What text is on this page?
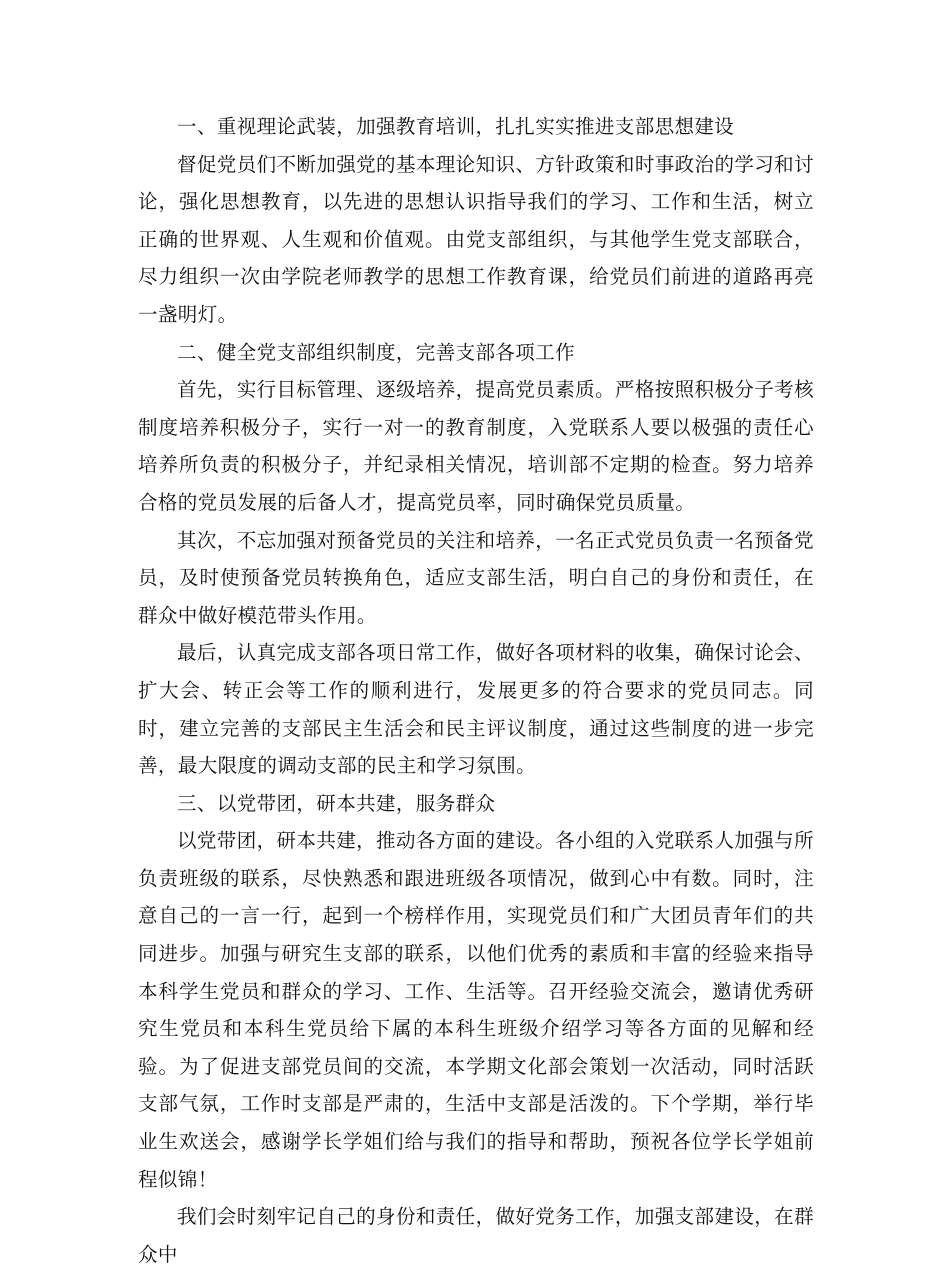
一、重视理论武装，加强教育培训，扎扎实实推进支部思想建设

督促党员们不断加强党的基本理论知识、方针政策和时事政治的学习和讨论，强化思想教育，以先进的思想认识指导我们的学习、工作和生活，树立正确的世界观、人生观和价值观。由党支部组织，与其他学生党支部联合，尽力组织一次由学院老师教学的思想工作教育课，给党员们前进的道路再亮一盏明灯。

二、健全党支部组织制度，完善支部各项工作

首先，实行目标管理、逐级培养，提高党员素质。严格按照积极分子考核制度培养积极分子，实行一对一的教育制度，入党联系人要以极强的责任心培养所负责的积极分子，并纪录相关情况，培训部不定期的检查。努力培养合格的党员发展的后备人才，提高党员率，同时确保党员质量。

其次，不忘加强对预备党员的关注和培养，一名正式党员负责一名预备党员，及时使预备党员转换角色，适应支部生活，明白自己的身份和责任，在群众中做好模范带头作用。

最后，认真完成支部各项日常工作，做好各项材料的收集，确保讨论会、扩大会、转正会等工作的顺利进行，发展更多的符合要求的党员同志。同时，建立完善的支部民主生活会和民主评议制度，通过这些制度的进一步完善，最大限度的调动支部的民主和学习氛围。

三、以党带团，研本共建，服务群众

以党带团，研本共建，推动各方面的建设。各小组的入党联系人加强与所负责班级的联系，尽快熟悉和跟进班级各项情况，做到心中有数。同时，注意自己的一言一行，起到一个榜样作用，实现党员们和广大团员青年们的共同进步。加强与研究生支部的联系，以他们优秀的素质和丰富的经验来指导本科学生党员和群众的学习、工作、生活等。召开经验交流会，邀请优秀研究生党员和本科生党员给下属的本科生班级介绍学习等各方面的见解和经验。为了促进支部党员间的交流，本学期文化部会策划一次活动，同时活跃支部气氛，工作时支部是严肃的，生活中支部是活泼的。下个学期，举行毕业生欢送会，感谢学长学姐们给与我们的指导和帮助，预祝各位学长学姐前程似锦！

我们会时刻牢记自己的身份和责任，做好党务工作，加强支部建设，在群众中
